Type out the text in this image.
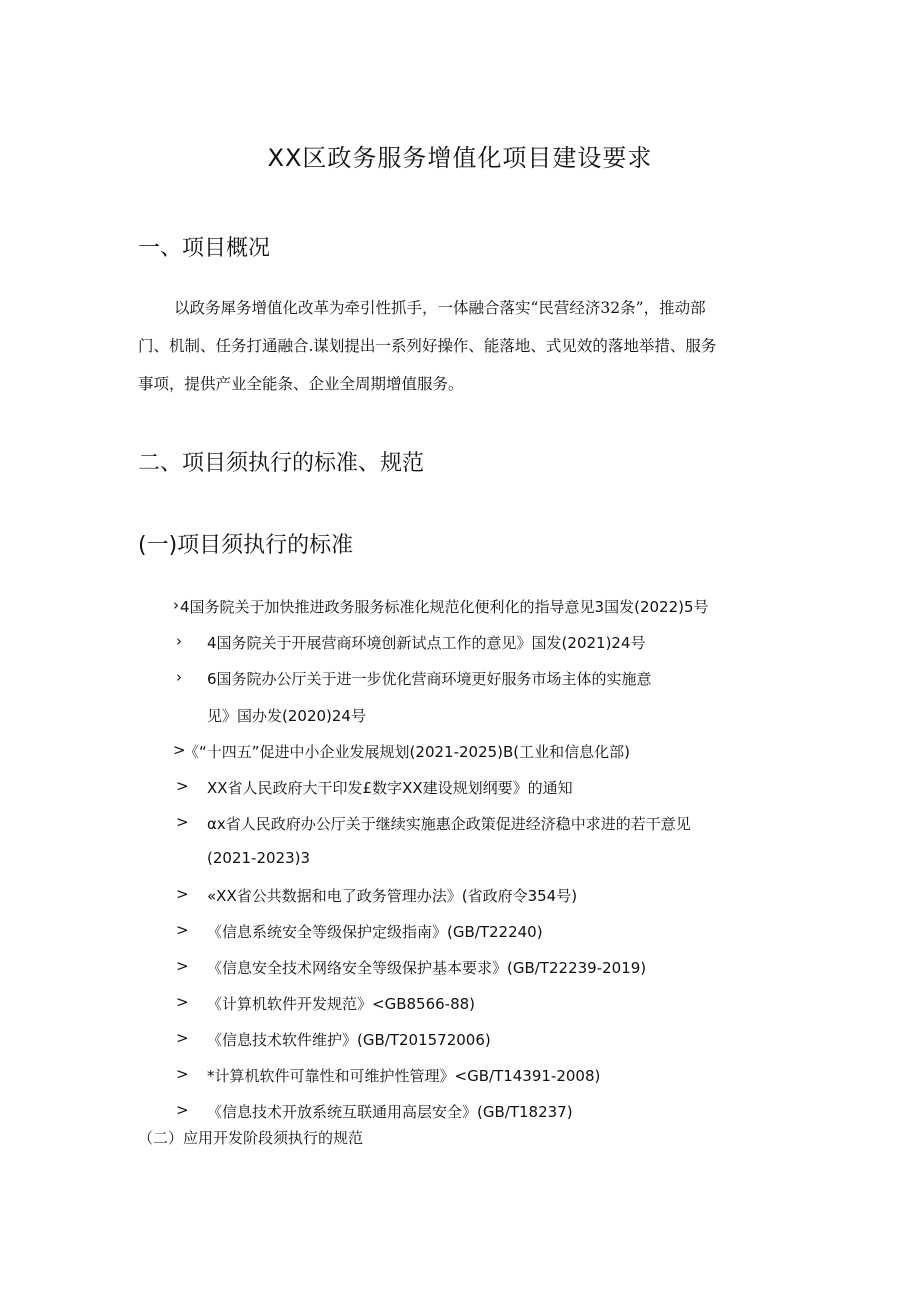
XX区政务服务增值化项目建设要求
一、项目概况
以政务犀务增值化改革为牵引性抓手，一体融合落实“民营经济32条”，推动部
门、机制、任务打通融合.谋划提出一系列好操作、能落地、式见效的落地举措、服务
事项，提供产业全能条、企业全周期增值服务。
二、项目须执行的标准、规范
(一)项目须执行的标准
› 4国务院关于加快推进政务服务标准化规范化便利化的指导意见3国发(2022)5号
› 4国务院关于开展营商环境创新试点工作的意见》国发(2021)24号
› 6国务院办公厅关于进一步优化营商环境更好服务市场主体的实施意
见》国办发(2020)24号
>
《“十四五”促进中小企业发展规划(2021-2025)B(工业和信息化部)
> XX省人民政府大干印发£数字XX建设规划纲要》的通知
> αx省人民政府办公厅关于继续实施惠企政策促进经济稳中求进的若干意见
(2021-2023)3
> «XX省公共数据和电了政务管理办法》(省政府令354号)
> 《信息系统安全等级保护定级指南》(GB/T22240)
> 《信息安全技术网络安全等级保护基本要求》(GB/T22239-2019)
> 《计算机软件开发规范》<GB8566-88)
> 《信息技术软件维护》(GB/T201572006)
> *计算机软件可靠性和可维护性管理》<GB/T14391-2008)
> 《信息技术开放系统互联通用高层安全》(GB/T18237)
（二）应用开发阶段须执行的规范
